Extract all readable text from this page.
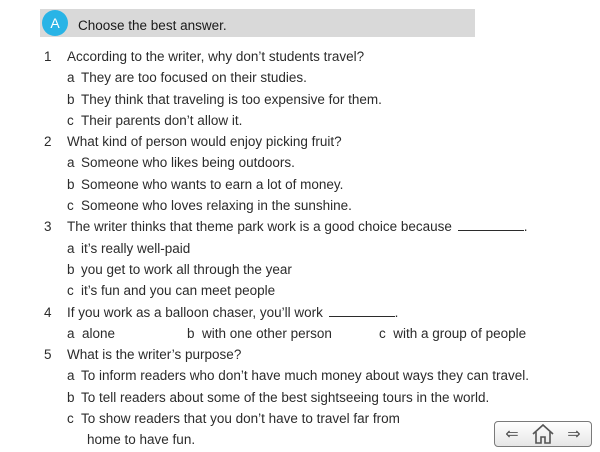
A	Choose the best answer.
1 According to the writer, why don’t students travel?
a They are too focused on their studies.
b They think that traveling is too expensive for them.
c Their parents don’t allow it.
2 What kind of person would enjoy picking fruit?
a Someone who likes being outdoors.
b Someone who wants to earn a lot of money.
c Someone who loves relaxing in the sunshine.
3 The writer thinks that theme park work is a good choice because	.
a it’s really well-paid
b you get to work all through the year
c it’s fun and you can meet people
4 If you work as a balloon chaser, you’ll work	.
a alone	b with one other person	c with a group of people
5 What is the writer’s purpose?
a To inform readers who don’t have much money about ways they can travel.
b To tell readers about some of the best sightseeing tours in the world.
c To show readers that you don’t have to travel far from
home to have fun.	⇐	⇒
